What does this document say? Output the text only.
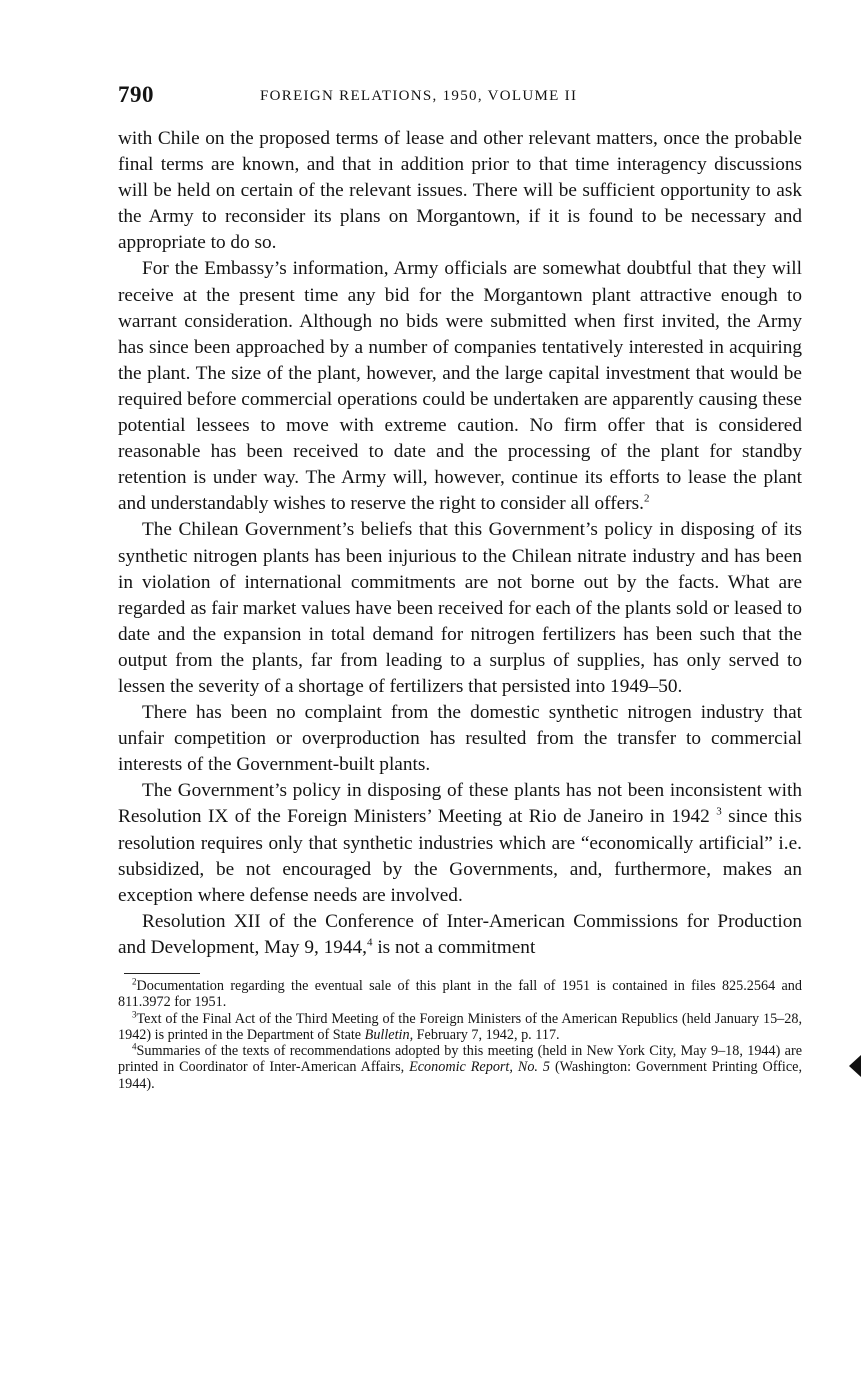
790	FOREIGN RELATIONS, 1950, VOLUME II

with Chile on the proposed terms of lease and other relevant matters, once the probable final terms are known, and that in addition prior to that time interagency discussions will be held on certain of the relevant issues. There will be sufficient opportunity to ask the Army to reconsider its plans on Morgantown, if it is found to be necessary and appropriate to do so.

For the Embassy’s information, Army officials are somewhat doubtful that they will receive at the present time any bid for the Morgantown plant attractive enough to warrant consideration. Although no bids were submitted when first invited, the Army has since been approached by a number of companies tentatively interested in acquiring the plant. The size of the plant, however, and the large capital investment that would be required before commercial operations could be undertaken are apparently causing these potential lessees to move with extreme caution. No firm offer that is considered reasonable has been received to date and the processing of the plant for standby retention is under way. The Army will, however, continue its efforts to lease the plant and understandably wishes to reserve the right to consider all offers.$^2$

The Chilean Government’s beliefs that this Government’s policy in disposing of its synthetic nitrogen plants has been injurious to the Chilean nitrate industry and has been in violation of international commitments are not borne out by the facts. What are regarded as fair market values have been received for each of the plants sold or leased to date and the expansion in total demand for nitrogen fertilizers has been such that the output from the plants, far from leading to a surplus of supplies, has only served to lessen the severity of a shortage of fertilizers that persisted into 1949–50.

There has been no complaint from the domestic synthetic nitrogen industry that unfair competition or overproduction has resulted from the transfer to commercial interests of the Government-built plants.

The Government’s policy in disposing of these plants has not been inconsistent with Resolution IX of the Foreign Ministers’ Meeting at Rio de Janeiro in 1942 $^3$ since this resolution requires only that synthetic industries which are “economically artificial” i.e. subsidized, be not encouraged by the Governments, and, furthermore, makes an exception where defense needs are involved.

Resolution XII of the Conference of Inter-American Commissions for Production and Development, May 9, 1944,$^4$ is not a commitment

$^2$Documentation regarding the eventual sale of this plant in the fall of 1951 is contained in files 825.2564 and 811.3972 for 1951.

$^3$Text of the Final Act of the Third Meeting of the Foreign Ministers of the American Republics (held January 15–28, 1942) is printed in the Department of State Bulletin, February 7, 1942, p. 117.

$^4$Summaries of the texts of recommendations adopted by this meeting (held in New York City, May 9–18, 1944) are printed in Coordinator of Inter-American Affairs, Economic Report, No. 5 (Washington: Government Printing Office, 1944).
